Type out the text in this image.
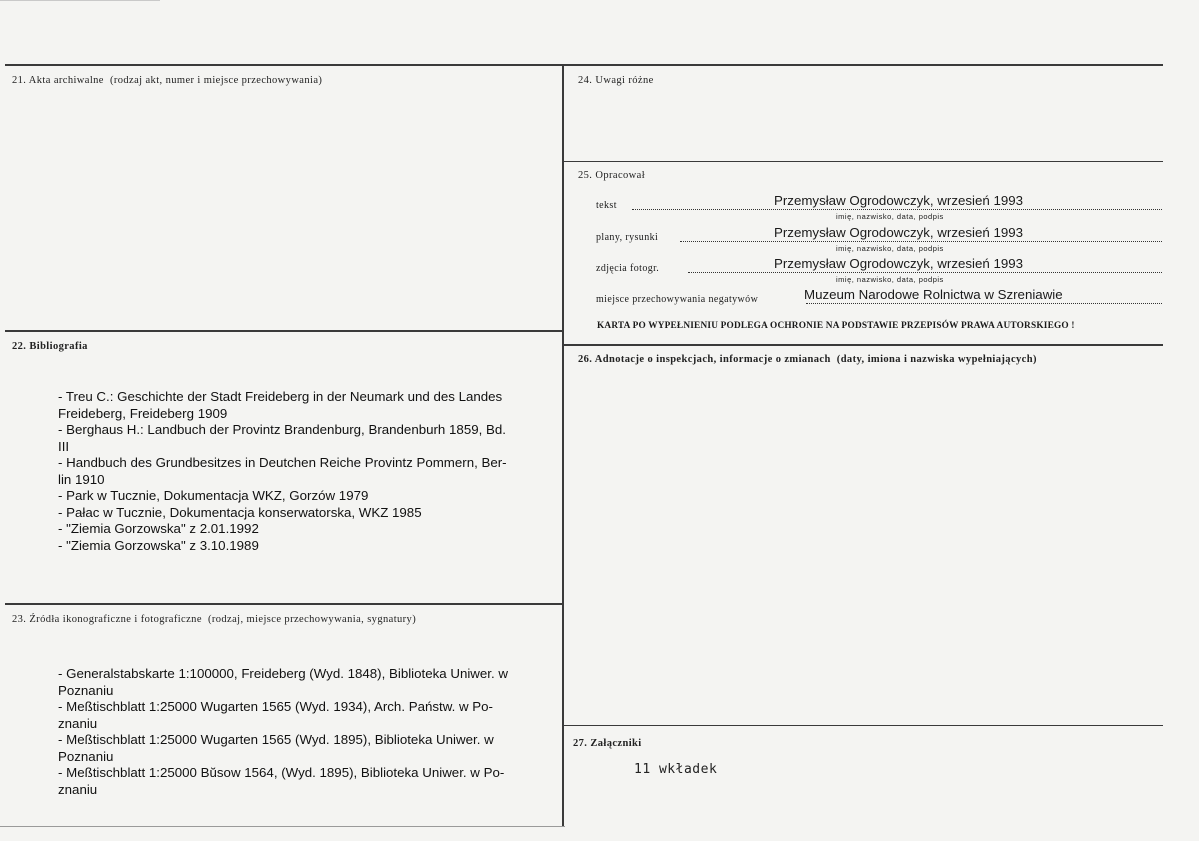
21. Akta archiwalne (rodzaj akt, numer i miejsce przechowywania)
22. Bibliografia
- Treu C.: Geschichte der Stadt Freideberg in der Neumark und des Landes
Freideberg, Freideberg 1909
- Berghaus H.: Landbuch der Provintz Brandenburg, Brandenburh 1859, Bd.
III
- Handbuch des Grundbesitzes in Deutchen Reiche Provintz Pommern, Ber-
lin 1910
- Park w Tucznie, Dokumentacja WKZ, Gorzów 1979
- Pałac w Tucznie, Dokumentacja konserwatorska, WKZ 1985
- "Ziemia Gorzowska" z 2.01.1992
- "Ziemia Gorzowska" z 3.10.1989
23. Źródła ikonograficzne i fotograficzne (rodzaj, miejsce przechowywania, sygnatury)
- Generalstabskarte 1:100000, Freideberg (Wyd. 1848), Biblioteka Uniwer. w
Poznaniu
- Meßtischblatt 1:25000 Wugarten 1565 (Wyd. 1934), Arch. Państw. w Po-
znaniu
- Meßtischblatt 1:25000 Wugarten 1565 (Wyd. 1895), Biblioteka Uniwer. w
Poznaniu
- Meßtischblatt 1:25000 Bŭsow 1564, (Wyd. 1895), Biblioteka Uniwer. w Po-
znaniu
24. Uwagi różne
25. Opracował
tekst	Przemysław Ogrodowczyk, wrzesień 1993
imię, nazwisko, data, podpis
plany, rysunki	Przemysław Ogrodowczyk, wrzesień 1993
imię, nazwisko, data, podpis
zdjęcia fotogr.	Przemysław Ogrodowczyk, wrzesień 1993
imię, nazwisko, data, podpis
miejsce przechowywania negatywów	Muzeum Narodowe Rolnictwa w Szreniawie
KARTA PO WYPEŁNIENIU PODLEGA OCHRONIE NA PODSTAWIE PRZEPISÓW PRAWA AUTORSKIEGO !
26. Adnotacje o inspekcjach, informacje o zmianach (daty, imiona i nazwiska wypełniających)
27. Załączniki
11 wkładek
